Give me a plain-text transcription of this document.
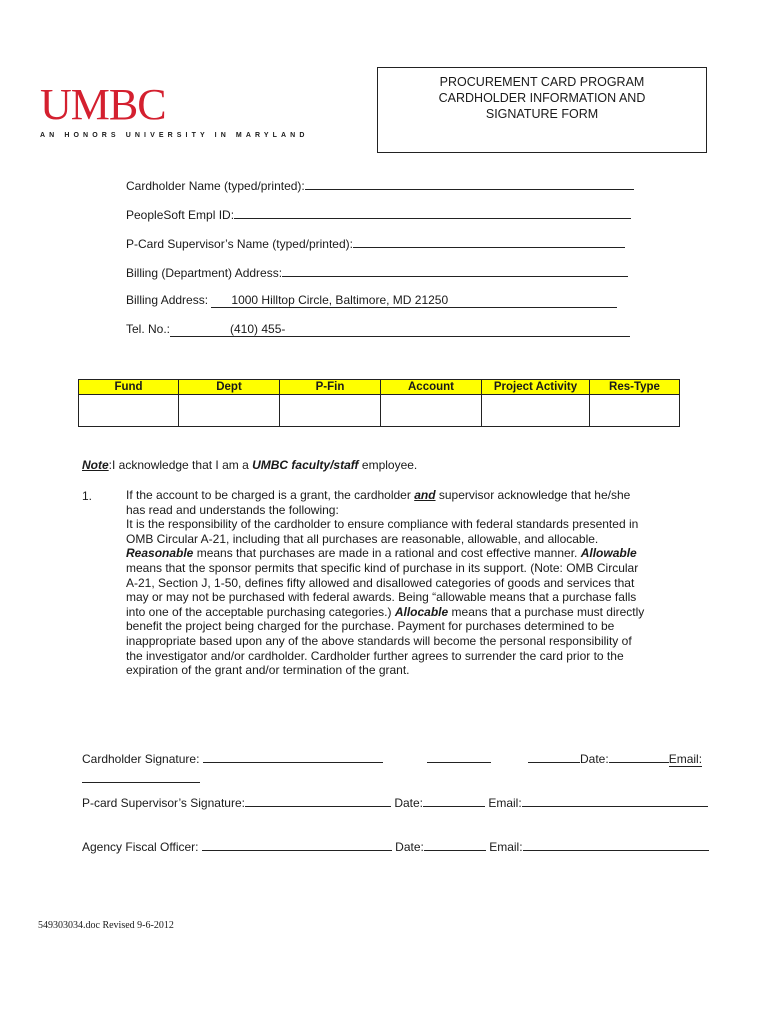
UMBC
AN HONORS UNIVERSITY IN MARYLAND
PROCUREMENT CARD PROGRAM
CARDHOLDER INFORMATION AND
SIGNATURE FORM
Cardholder Name (typed/printed):
PeopleSoft Empl ID:
P-Card Supervisor’s Name (typed/printed):
Billing (Department) Address:
Billing Address: 1000 Hilltop Circle, Baltimore, MD 21250
Tel. No.:	(410) 455-
Fund	Dept	P-Fin	Account	Project Activity	Res-Type

Note:I acknowledge that I am a UMBC faculty/staff employee.
1.	If the account to be charged is a grant, the cardholder and supervisor acknowledge that he/she has read and understands the following:
It is the responsibility of the cardholder to ensure compliance with federal standards presented in OMB Circular A-21, including that all purchases are reasonable, allowable, and allocable. Reasonable means that purchases are made in a rational and cost effective manner. Allowable means that the sponsor permits that specific kind of purchase in its support. (Note: OMB Circular A-21, Section J, 1-50, defines fifty allowed and disallowed categories of goods and services that may or may not be purchased with federal awards. Being “allowable means that a purchase falls into one of the acceptable purchasing categories.) Allocable means that a purchase must directly benefit the project being charged for the purchase. Payment for purchases determined to be inappropriate based upon any of the above standards will become the personal responsibility of the investigator and/or cardholder. Cardholder further agrees to surrender the card prior to the expiration of the grant and/or termination of the grant.
Cardholder Signature:	Date:	Email:
P-card Supervisor’s Signature:	Date:	Email:
Agency Fiscal Officer:	Date:	Email:
549303034.doc Revised 9-6-2012
